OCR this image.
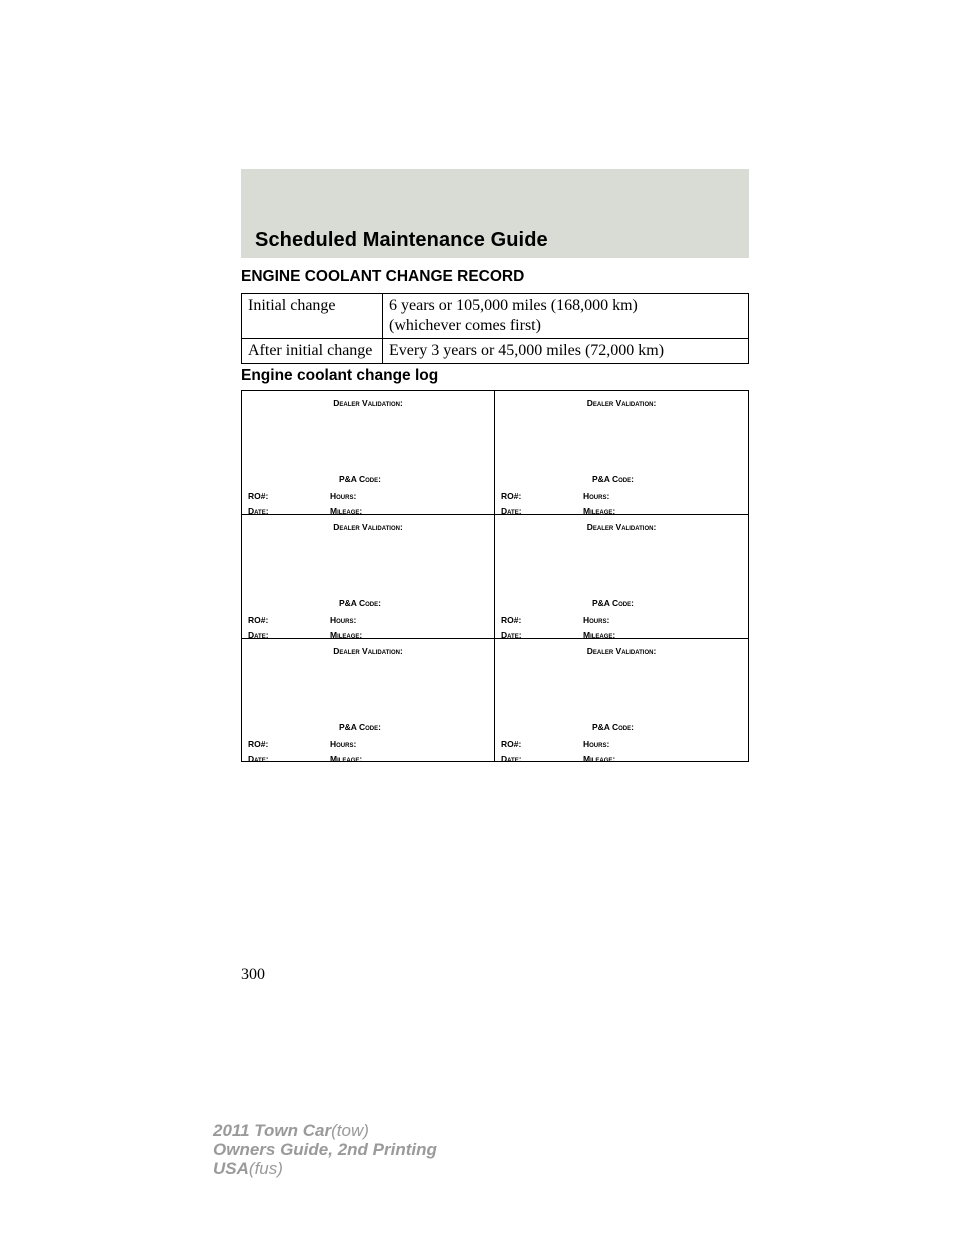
Scheduled Maintenance Guide
ENGINE COOLANT CHANGE RECORD
Initial change	6 years or 105,000 miles (168,000 km)
(whichever comes first)
After initial change	Every 3 years or 45,000 miles (72,000 km)
Engine coolant change log
Dealer Validation:
P&A Code:
RO#:	Hours:
Date:	Mileage:
Dealer Validation:
P&A Code:
RO#:	Hours:
Date:	Mileage:
Dealer Validation:
P&A Code:
RO#:	Hours:
Date:	Mileage:
Dealer Validation:
P&A Code:
RO#:	Hours:
Date:	Mileage:
Dealer Validation:
P&A Code:
RO#:	Hours:
Date:	Mileage:
Dealer Validation:
P&A Code:
RO#:	Hours:
Date:	Mileage:
300
2011 Town Car(tow)
Owners Guide, 2nd Printing
USA(fus)
